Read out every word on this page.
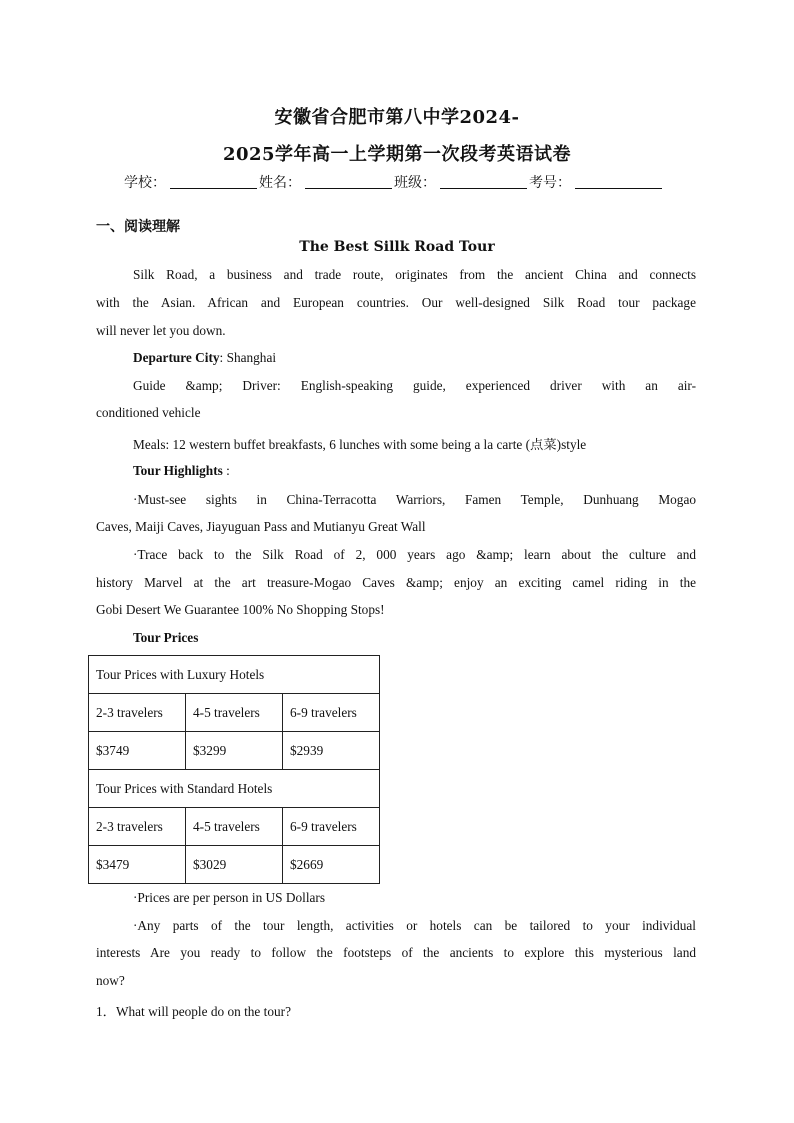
安徽省合肥市第八中学2024-
2025学年高一上学期第一次段考英语试卷
学校：	姓名：	班级：	考号：
一、阅读理解
The Best Sillk Road Tour
Silk Road, a business and trade route, originates from the ancient China and connects
with the Asian. African and European countries. Our well-designed Silk Road tour package
will never let you down.
Departure City: Shanghai
Guide &amp; Driver: English-speaking guide, experienced driver with an air-
conditioned vehicle
Meals: 12 western buffet breakfasts, 6 lunches with some being a la carte (点菜)style
Tour Highlights :
·Must-see sights in China-Terracotta Warriors, Famen Temple, Dunhuang Mogao
Caves, Maiji Caves, Jiayuguan Pass and Mutianyu Great Wall
·Trace back to the Silk Road of 2, 000 years ago &amp; learn about the culture and
history Marvel at the art treasure-Mogao Caves &amp; enjoy an exciting camel riding in the
Gobi Desert We Guarantee 100% No Shopping Stops!
Tour Prices
Tour Prices with Luxury Hotels		
2-3 travelers	4-5 travelers	6-9 travelers
$3749	$3299	$2939
Tour Prices with Standard Hotels		
2-3 travelers	4-5 travelers	6-9 travelers
$3479	$3029	$2669
·Prices are per person in US Dollars
·Any parts of the tour length, activities or hotels can be tailored to your individual
interests Are you ready to follow the footsteps of the ancients to explore this mysterious land
now?
1．What will people do on the tour?
